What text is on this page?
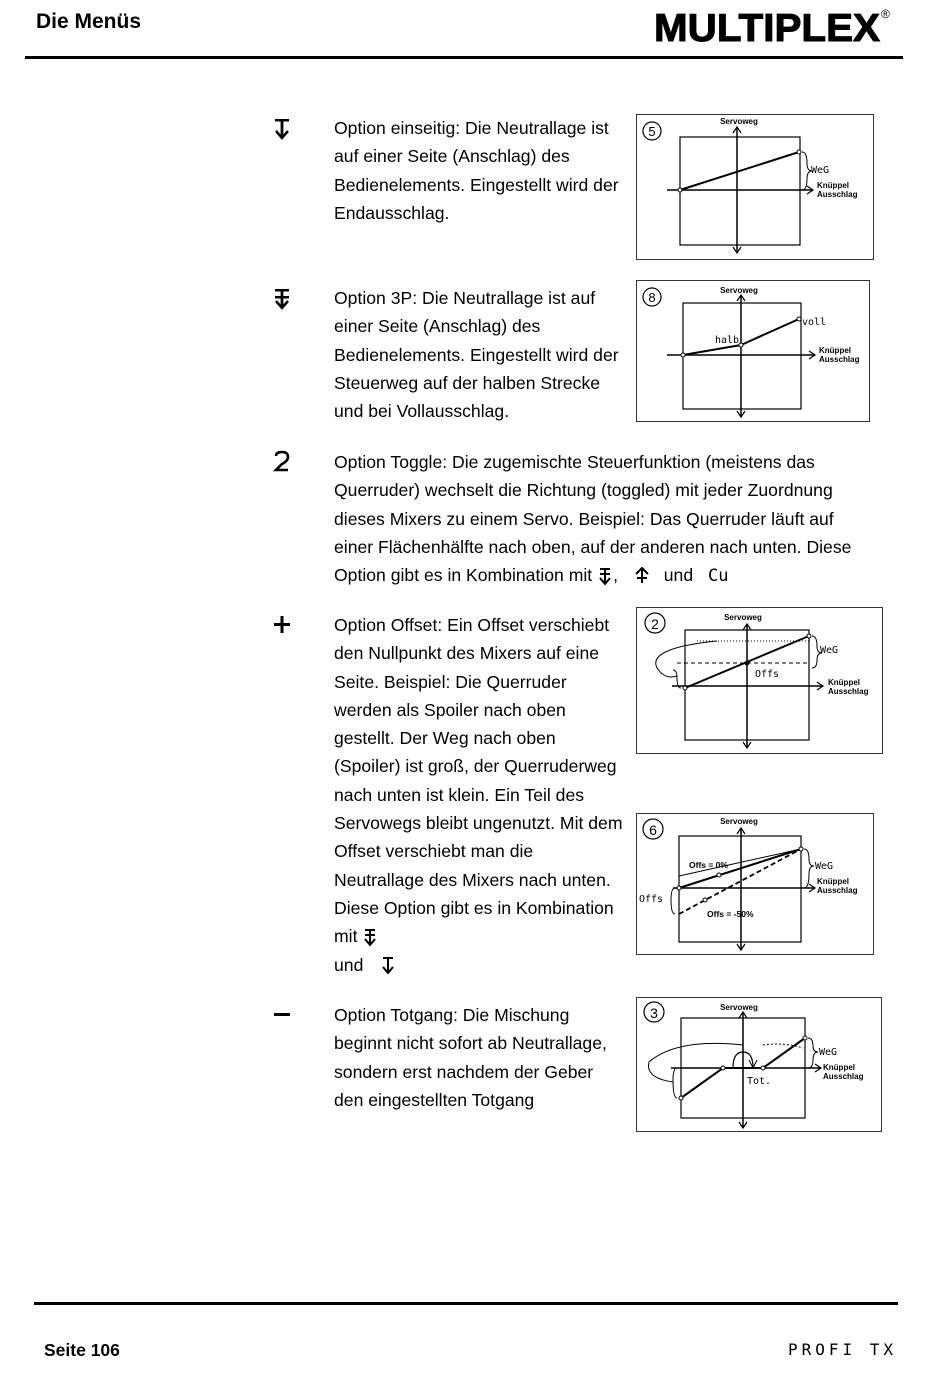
Die Menüs	MULTIPLEX ®
Option einseitig: Die Neutrallage ist auf einer Seite (Anschlag) des Bedienelements. Eingestellt wird der Endausschlag.
5
Servoweg
WeG
Knüppel
Ausschlag
Option 3P: Die Neutrallage ist auf einer Seite (Anschlag) des Bedienelements. Eingestellt wird der Steuerweg auf der halben Strecke und bei Vollausschlag.
8	Servoweg
halb
voll
Knüppel
Ausschlag
Option Toggle: Die zugemischte Steuerfunktion (meistens das Querruder) wechselt die Richtung (toggled) mit jeder Zuordnung dieses Mixers zu einem Servo. Beispiel: Das Querruder läuft auf einer Flächenhälfte nach oben, auf der anderen nach unten. Diese Option gibt es in Kombination mit ,	und Cu
Option Offset: Ein Offset verschiebt den Nullpunkt des Mixers auf eine Seite. Beispiel: Die Querruder werden als Spoiler nach oben gestellt. Der Weg nach oben (Spoiler) ist groß, der Querruderweg nach unten ist klein. Ein Teil des Servowegs bleibt ungenutzt. Mit dem Offset verschiebt man die Neutrallage des Mixers nach unten. Diese Option gibt es in Kombination mit
und
2	Servoweg
WeG
Offs
Knüppel
Ausschlag
6
Servoweg
Offs = 0%
Offs
Offs = -50%
WeG
Knüppel
Ausschlag
Option Totgang: Die Mischung beginnt nicht sofort ab Neutrallage, sondern erst nachdem der Geber den eingestellten Totgang
3	Servoweg
Tot.
WeG
Knüppel
Ausschlag
Seite 106	PROFI TX
